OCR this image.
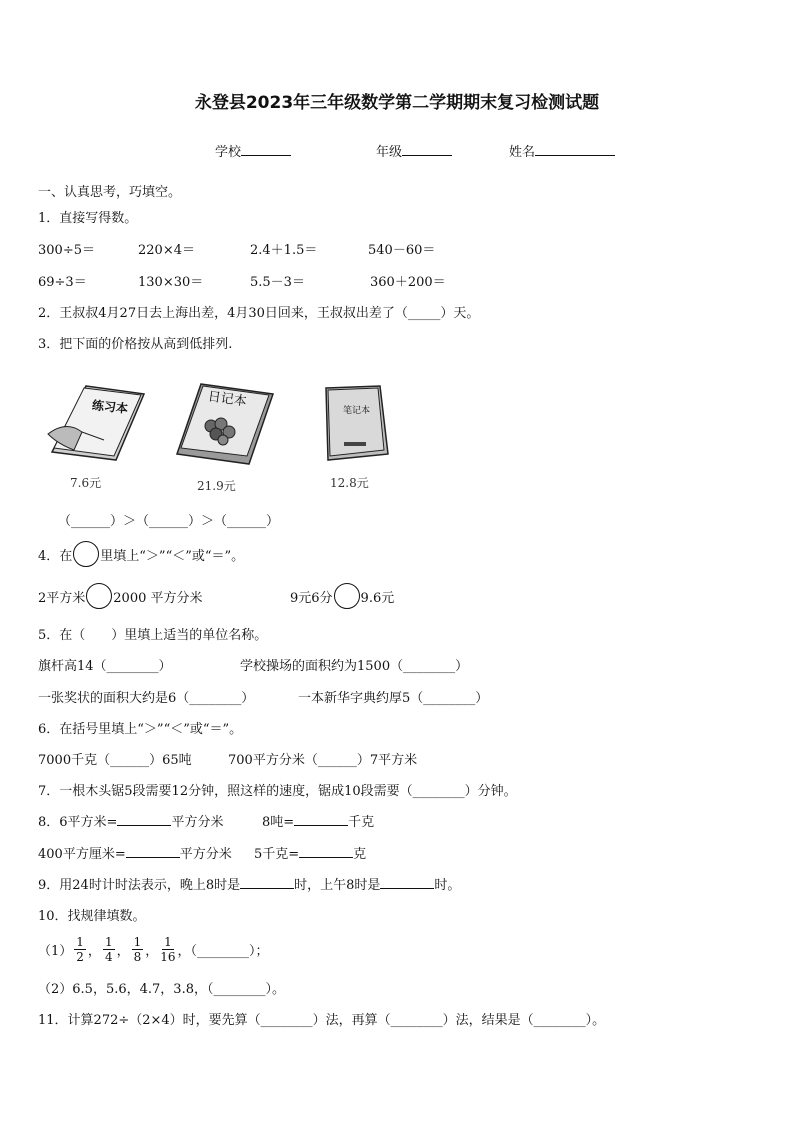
永登县2023年三年级数学第二学期期末复习检测试题
学校	年级	姓名
一、认真思考，巧填空。
1．直接写得数。
300÷5＝	220×4＝	2.4＋1.5＝	540－60＝
69÷3＝	130×30＝	5.5－3＝	360＋200＝
2．王叔叔4月27日去上海出差，4月30日回来，王叔叔出差了（_____）天。
3．把下面的价格按从高到低排列.
练习本
7.6元
日记本
21.9元
笔记本
12.8元
（______）＞（______）＞（______）
4．在 里填上“＞”“＜”或“＝”。
2平方米 2000 平方分米	9元6分 9.6元
5．在（　　）里填上适当的单位名称。
旗杆高14（________）	学校操场的面积约为1500（________）
一张奖状的面积大约是6（________）	一本新华字典约厚5（________）
6．在括号里填上“＞”“＜”或“＝”。
7000千克（______）65吨	700平方分米（______）7平方米
7．一根木头锯5段需要12分钟，照这样的速度，锯成10段需要（________）分钟。
8．6平方米=	平方分米	8吨=	千克
400平方厘米=	平方分米 5千克=	克
9．用24时计时法表示，晚上8时是	时，上午8时是	时。
10．找规律填数。
$(1) \frac{1}{2}$ ， $\frac{1}{4}$ ， $\frac{1}{8}$ ， $\frac{1}{16}$ ，（________）；
（2）6.5，5.6，4.7，3.8，（________）。
11．计算272÷（2×4）时，要先算（________）法，再算（________）法，结果是（________）。
